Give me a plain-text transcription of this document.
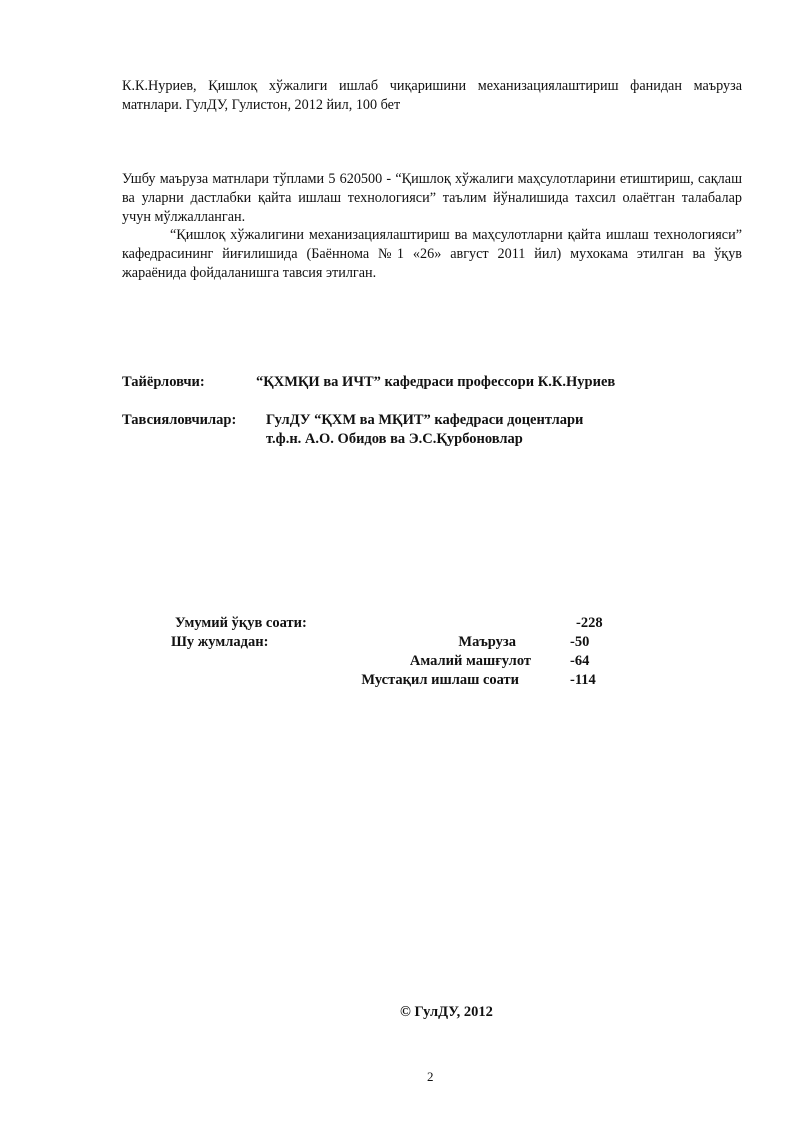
К.К.Нуриев, Қишлоқ хўжалиги ишлаб чиқаришини механизациялаштириш фанидан маъруза матнлари. ГулДУ, Гулистон, 2012 йил, 100 бет

Ушбу маъруза матнлари тўплами 5 620500 - “Қишлоқ хўжалиги маҳсулотларини етиштириш, сақлаш ва уларни дастлабки қайта ишлаш технологияси” таълим йўналишида тахсил олаётган талабалар учун мўлжалланган.

“Қишлоқ хўжалигини механизациялаштириш ва маҳсулотларни қайта ишлаш технологияси” кафедрасининг йиғилишида (Баённома №1 «26» август 2011 йил) мухокама этилган ва ўқув жараёнида фойдаланишга тавсия этилган.

Тайёрловчи:	“ҚХМҚИ ва ИЧТ” кафедраси профессори К.К.Нуриев
Тавсияловчилар: ГулДУ “ҚХМ ва МҚИТ” кафедраси доцентлари
т.ф.н. А.О. Обидов ва Э.С.Қурбоновлар
Умумий ўқув соати:	-228
Шу жумладан:	Маъруза	-50
Амалий машғулот	-64
Мустақил ишлаш соати	-114
© ГулДУ, 2012
2
